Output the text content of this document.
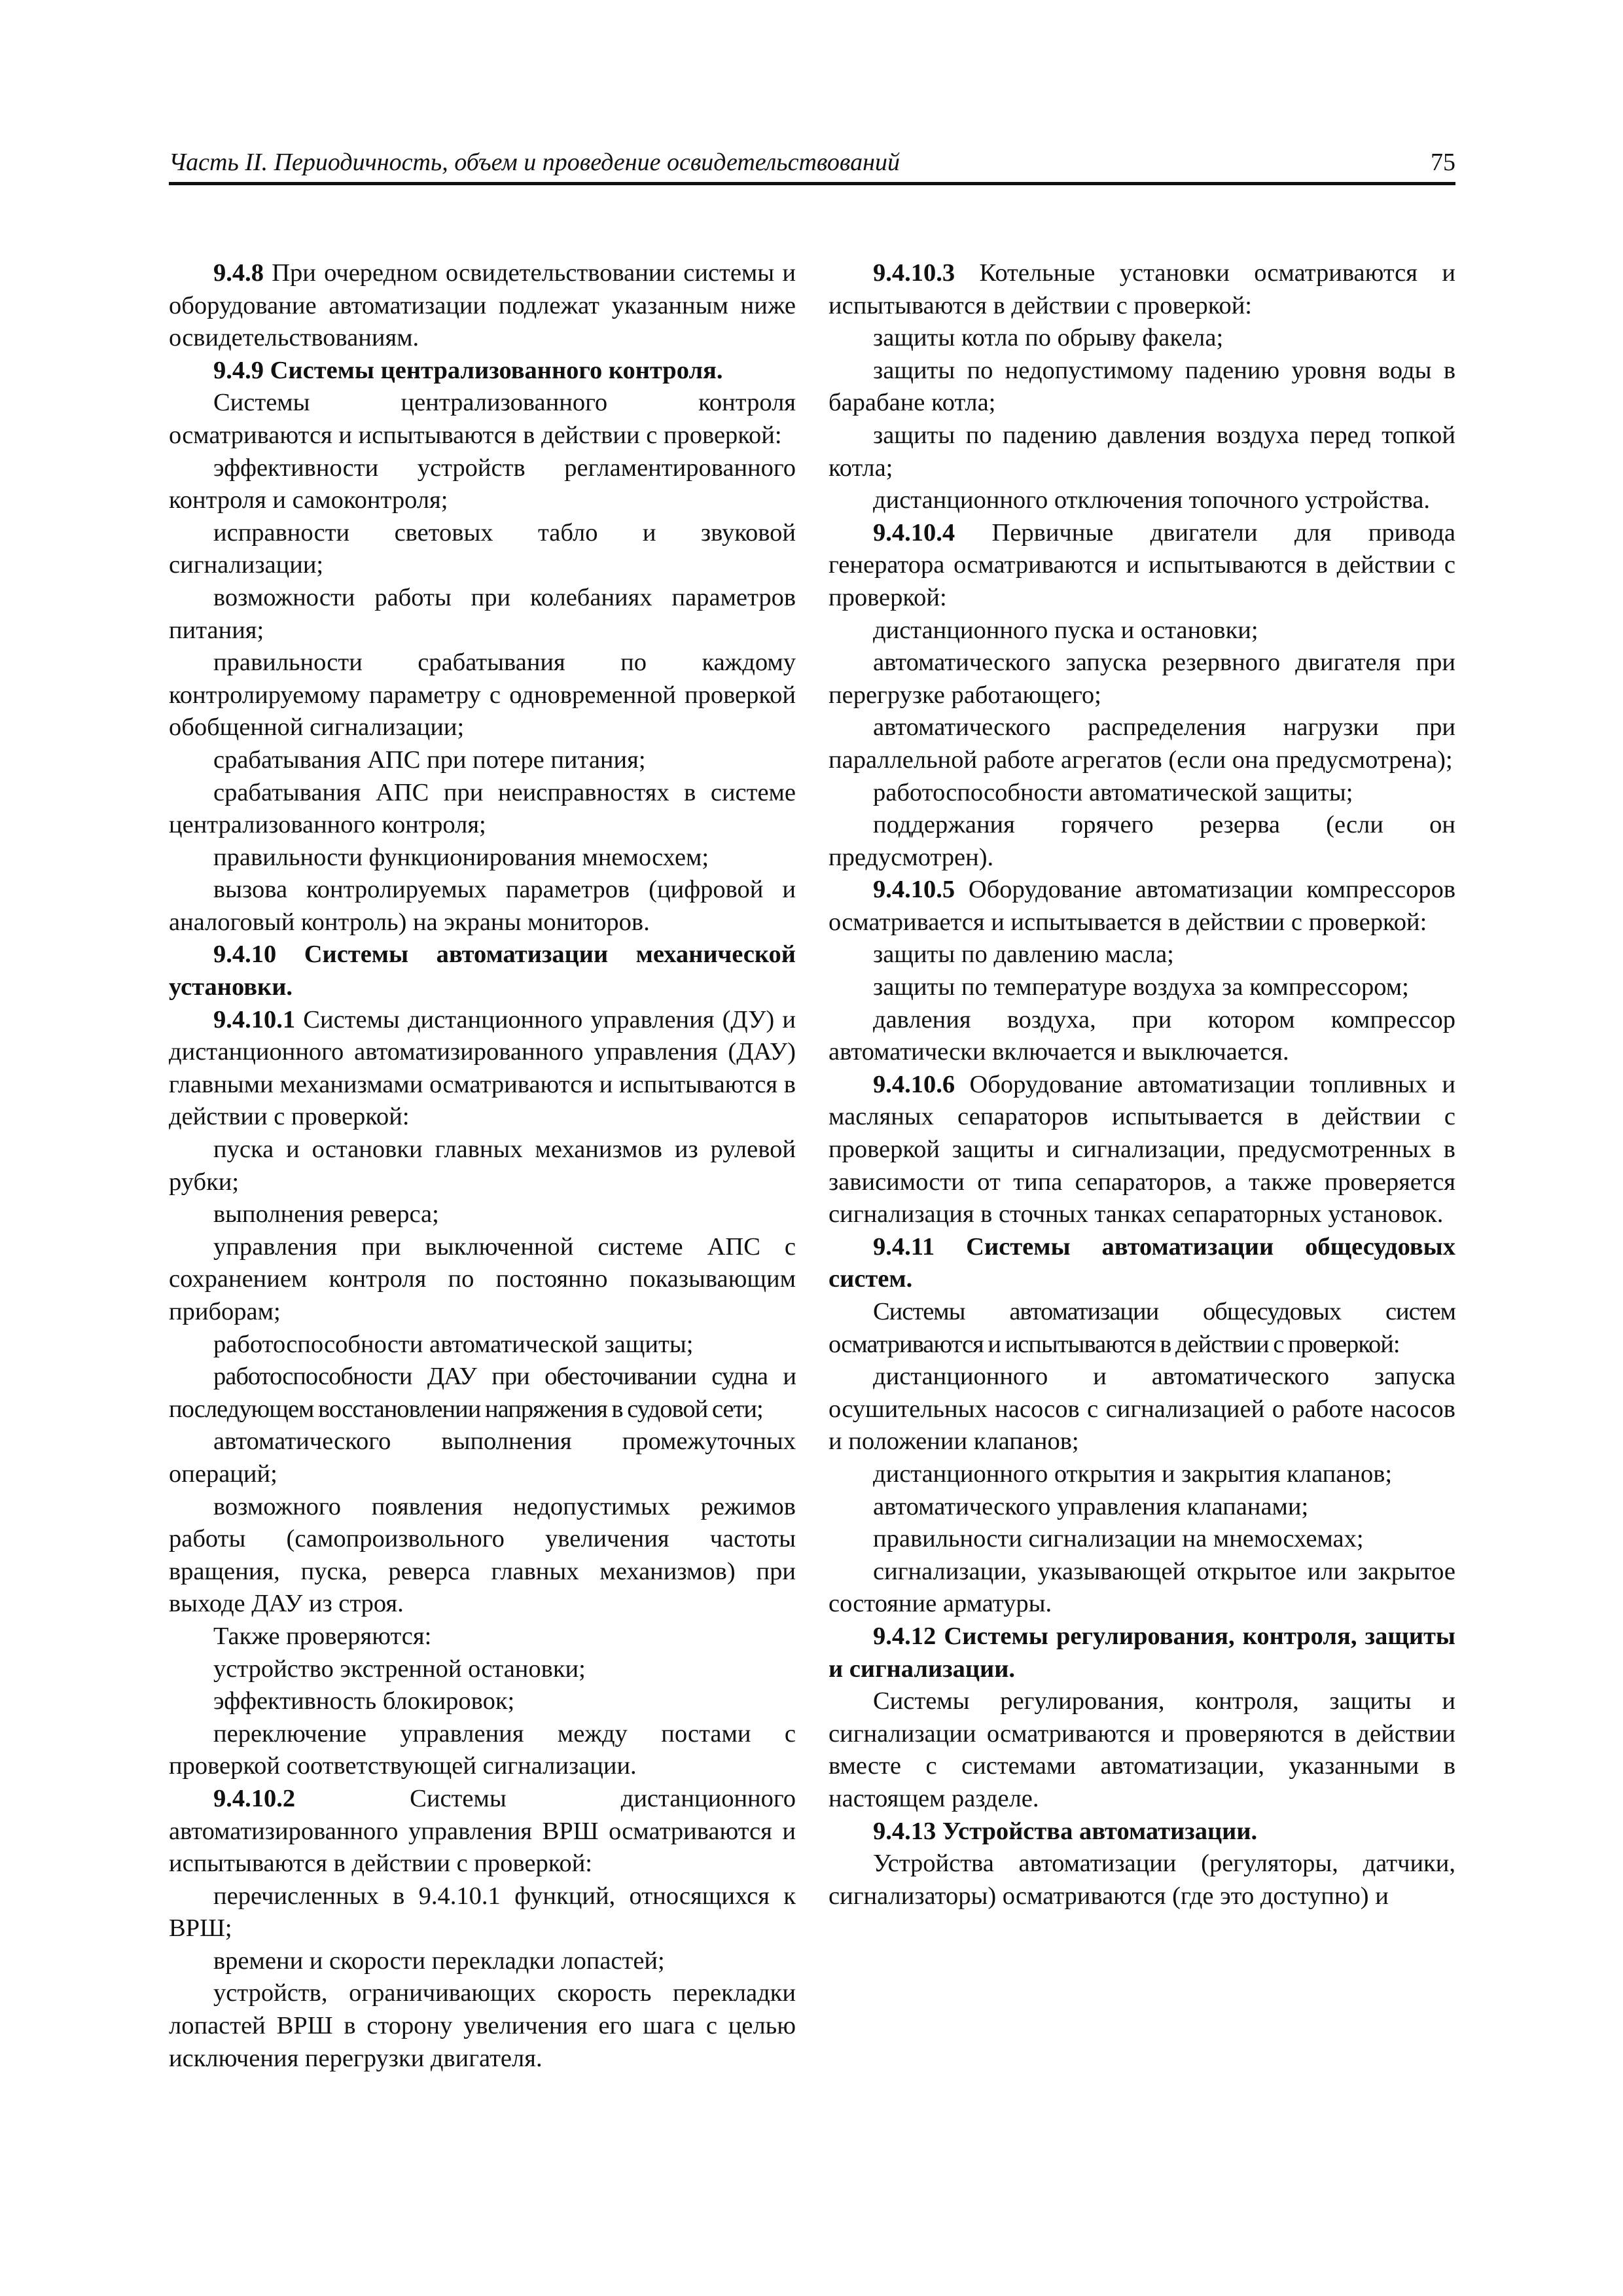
Часть II. Периодичность, объем и проведение освидетельствований	75

9.4.8 При очередном освидетельствовании системы и оборудование автоматизации подлежат указанным ниже освидетельствованиям.

9.4.9 Системы централизованного контроля.

Системы централизованного контроля осматриваются и испытываются в действии с проверкой:

эффективности устройств регламентированного контроля и самоконтроля;

исправности световых табло и звуковой сигнализации;

возможности работы при колебаниях параметров питания;

правильности срабатывания по каждому контролируемому параметру с одновременной проверкой обобщенной сигнализации;

срабатывания АПС при потере питания;

срабатывания АПС при неисправностях в системе централизованного контроля;

правильности функционирования мнемосхем;

вызова контролируемых параметров (цифровой и аналоговый контроль) на экраны мониторов.

9.4.10 Системы автоматизации механической установки.

9.4.10.1 Системы дистанционного управления (ДУ) и дистанционного автоматизированного управления (ДАУ) главными механизмами осматриваются и испытываются в действии с проверкой:

пуска и остановки главных механизмов из рулевой рубки;

выполнения реверса;

управления при выключенной системе АПС с сохранением контроля по постоянно показывающим приборам;

работоспособности автоматической защиты;

работоспособности ДАУ при обесточивании судна и последующем восстановлении напряжения в судовой сети;

автоматического выполнения промежуточных операций;

возможного появления недопустимых режимов работы (самопроизвольного увеличения частоты вращения, пуска, реверса главных механизмов) при выходе ДАУ из строя.

Также проверяются:

устройство экстренной остановки;

эффективность блокировок;

переключение управления между постами с проверкой соответствующей сигнализации.

9.4.10.2 Системы дистанционного автоматизированного управления ВРШ осматриваются и испытываются в действии с проверкой:

перечисленных в 9.4.10.1 функций, относящихся к ВРШ;

времени и скорости перекладки лопастей;

устройств, ограничивающих скорость перекладки лопастей ВРШ в сторону увеличения его шага с целью исключения перегрузки двигателя.

9.4.10.3 Котельные установки осматриваются и испытываются в действии с проверкой:

защиты котла по обрыву факела;

защиты по недопустимому падению уровня воды в барабане котла;

защиты по падению давления воздуха перед топкой котла;

дистанционного отключения топочного устройства.

9.4.10.4 Первичные двигатели для привода генератора осматриваются и испытываются в действии с проверкой:

дистанционного пуска и остановки;

автоматического запуска резервного двигателя при перегрузке работающего;

автоматического распределения нагрузки при параллельной работе агрегатов (если она предусмотрена);

работоспособности автоматической защиты;

поддержания горячего резерва (если он предусмотрен).

9.4.10.5 Оборудование автоматизации компрессоров осматривается и испытывается в действии с проверкой:

защиты по давлению масла;

защиты по температуре воздуха за компрессором;

давления воздуха, при котором компрессор автоматически включается и выключается.

9.4.10.6 Оборудование автоматизации топливных и масляных сепараторов испытывается в действии с проверкой защиты и сигнализации, предусмотренных в зависимости от типа сепараторов, а также проверяется сигнализация в сточных танках сепараторных установок.

9.4.11 Системы автоматизации общесудовых систем.

Системы автоматизации общесудовых систем осматриваются и испытываются в действии с проверкой:

дистанционного и автоматического запуска осушительных насосов с сигнализацией о работе насосов и положении клапанов;

дистанционного открытия и закрытия клапанов;

автоматического управления клапанами;

правильности сигнализации на мнемосхемах;

сигнализации, указывающей открытое или закрытое состояние арматуры.

9.4.12 Системы регулирования, контроля, защиты и сигнализации.

Системы регулирования, контроля, защиты и сигнализации осматриваются и проверяются в действии вместе с системами автоматизации, указанными в настоящем разделе.

9.4.13 Устройства автоматизации.

Устройства автоматизации (регуляторы, датчики, сигнализаторы) осматриваются (где это доступно) и
